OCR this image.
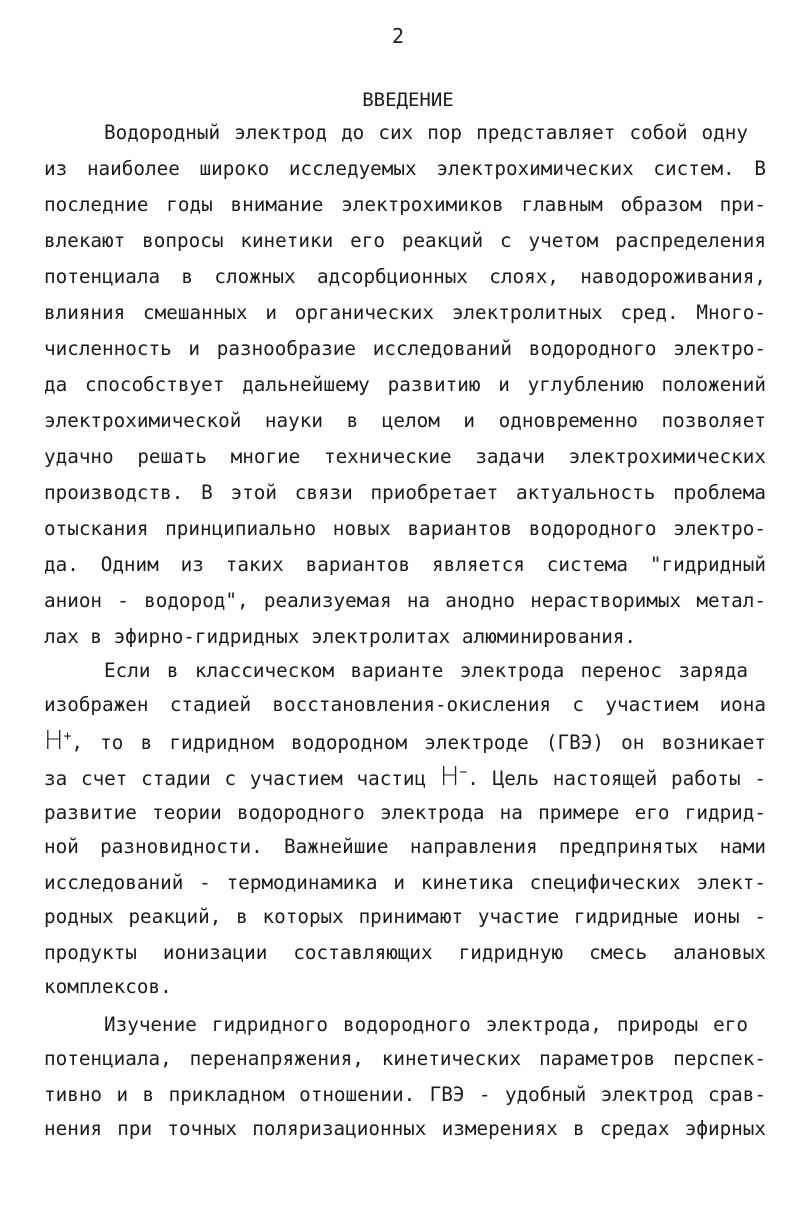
2
ВВЕДЕНИЕ
Водородный электрод до сих пор представляет собой одну
из наиболее широко исследуемых электрохимических систем. В
последние годы внимание электрохимиков главным образом при-
влекают вопросы кинетики его реакций с учетом распределения
потенциала в сложных адсорбционных слоях, наводороживания,
влияния смешанных и органических электролитных сред. Много-
численность и разнообразие исследований водородного электро-
да способствует дальнейшему развитию и углублению положений
электрохимической науки в целом и одновременно позволяет
удачно решать многие технические задачи электрохимических
производств. В этой связи приобретает актуальность проблема
отыскания принципиально новых вариантов водородного электро-
да. Одним из таких вариантов является система "гидридный
анион - водород", реализуемая на анодно нерастворимых метал-
лах в эфирно-гидридных электролитах алюминирования.
Если в классическом варианте электрода перенос заряда
изображен стадией восстановления-окисления с участием иона
H+, то в гидридном водородном электроде (ГВЭ) он возникает
за счет стадии с участием частиц H−. Цель настоящей работы -
развитие теории водородного электрода на примере его гидрид-
ной разновидности. Важнейшие направления предпринятых нами
исследований - термодинамика и кинетика специфических элект-
родных реакций, в которых принимают участие гидридные ионы -
продукты ионизации составляющих гидридную смесь алановых
комплексов.
Изучение гидридного водородного электрода, природы его
потенциала, перенапряжения, кинетических параметров перспек-
тивно и в прикладном отношении. ГВЭ - удобный электрод срав-
нения при точных поляризационных измерениях в средах эфирных
